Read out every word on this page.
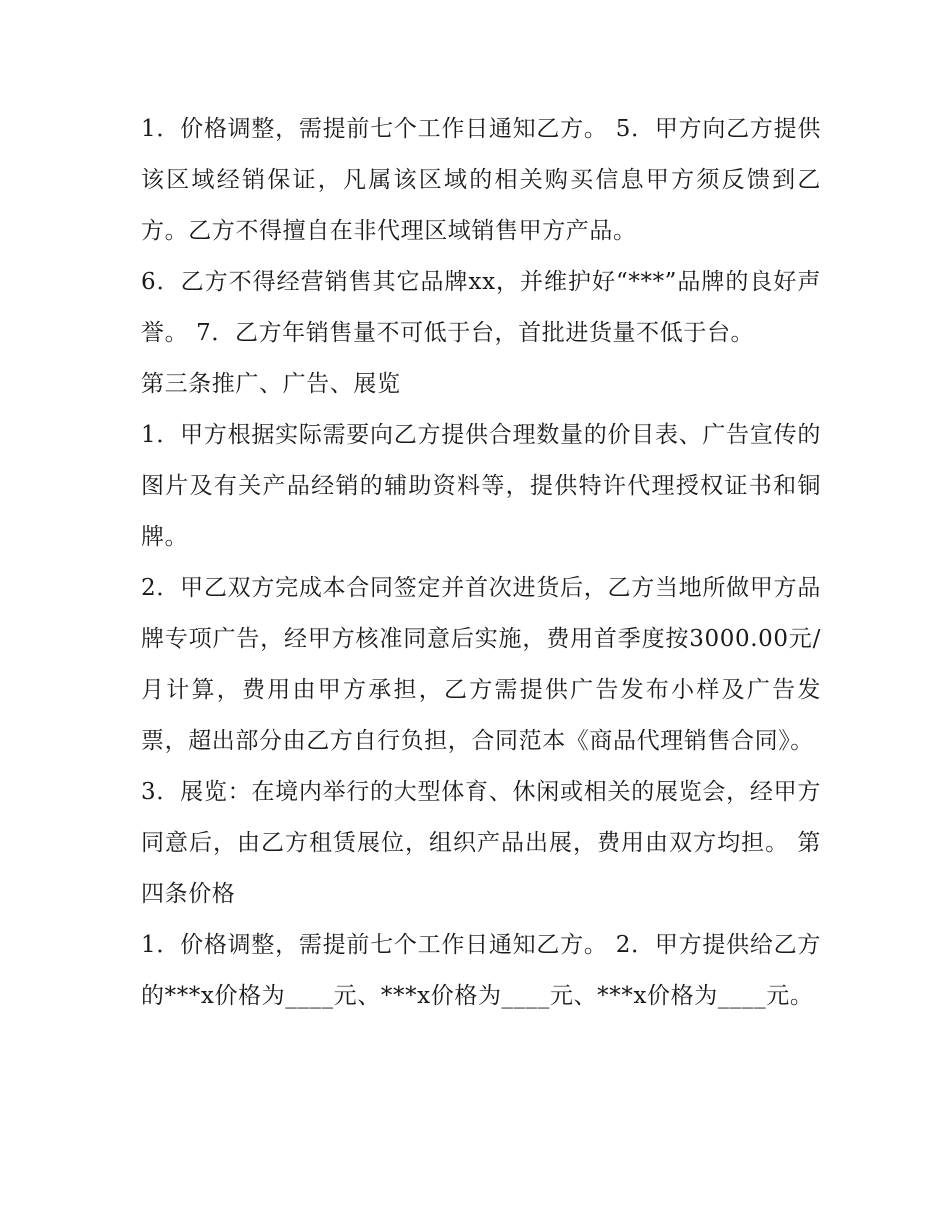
1．价格调整，需提前七个工作日通知乙方。 5．甲方向乙方提供该区域经销保证，凡属该区域的相关购买信息甲方须反馈到乙方。乙方不得擅自在非代理区域销售甲方产品。

6．乙方不得经营销售其它品牌xx，并维护好“***”品牌的良好声誉。 7．乙方年销售量不可低于台，首批进货量不低于台。

第三条推广、广告、展览

1．甲方根据实际需要向乙方提供合理数量的价目表、广告宣传的图片及有关产品经销的辅助资料等，提供特许代理授权证书和铜牌。

2．甲乙双方完成本合同签定并首次进货后，乙方当地所做甲方品牌专项广告，经甲方核准同意后实施，费用首季度按3000.00元/月计算，费用由甲方承担，乙方需提供广告发布小样及广告发票，超出部分由乙方自行负担，合同范本《商品代理销售合同》。

3．展览：在境内举行的大型体育、休闲或相关的展览会，经甲方同意后，由乙方租赁展位，组织产品出展，费用由双方均担。 第四条价格

1．价格调整，需提前七个工作日通知乙方。 2．甲方提供给乙方的***x价格为____元、***x价格为____元、***x价格为____元。
